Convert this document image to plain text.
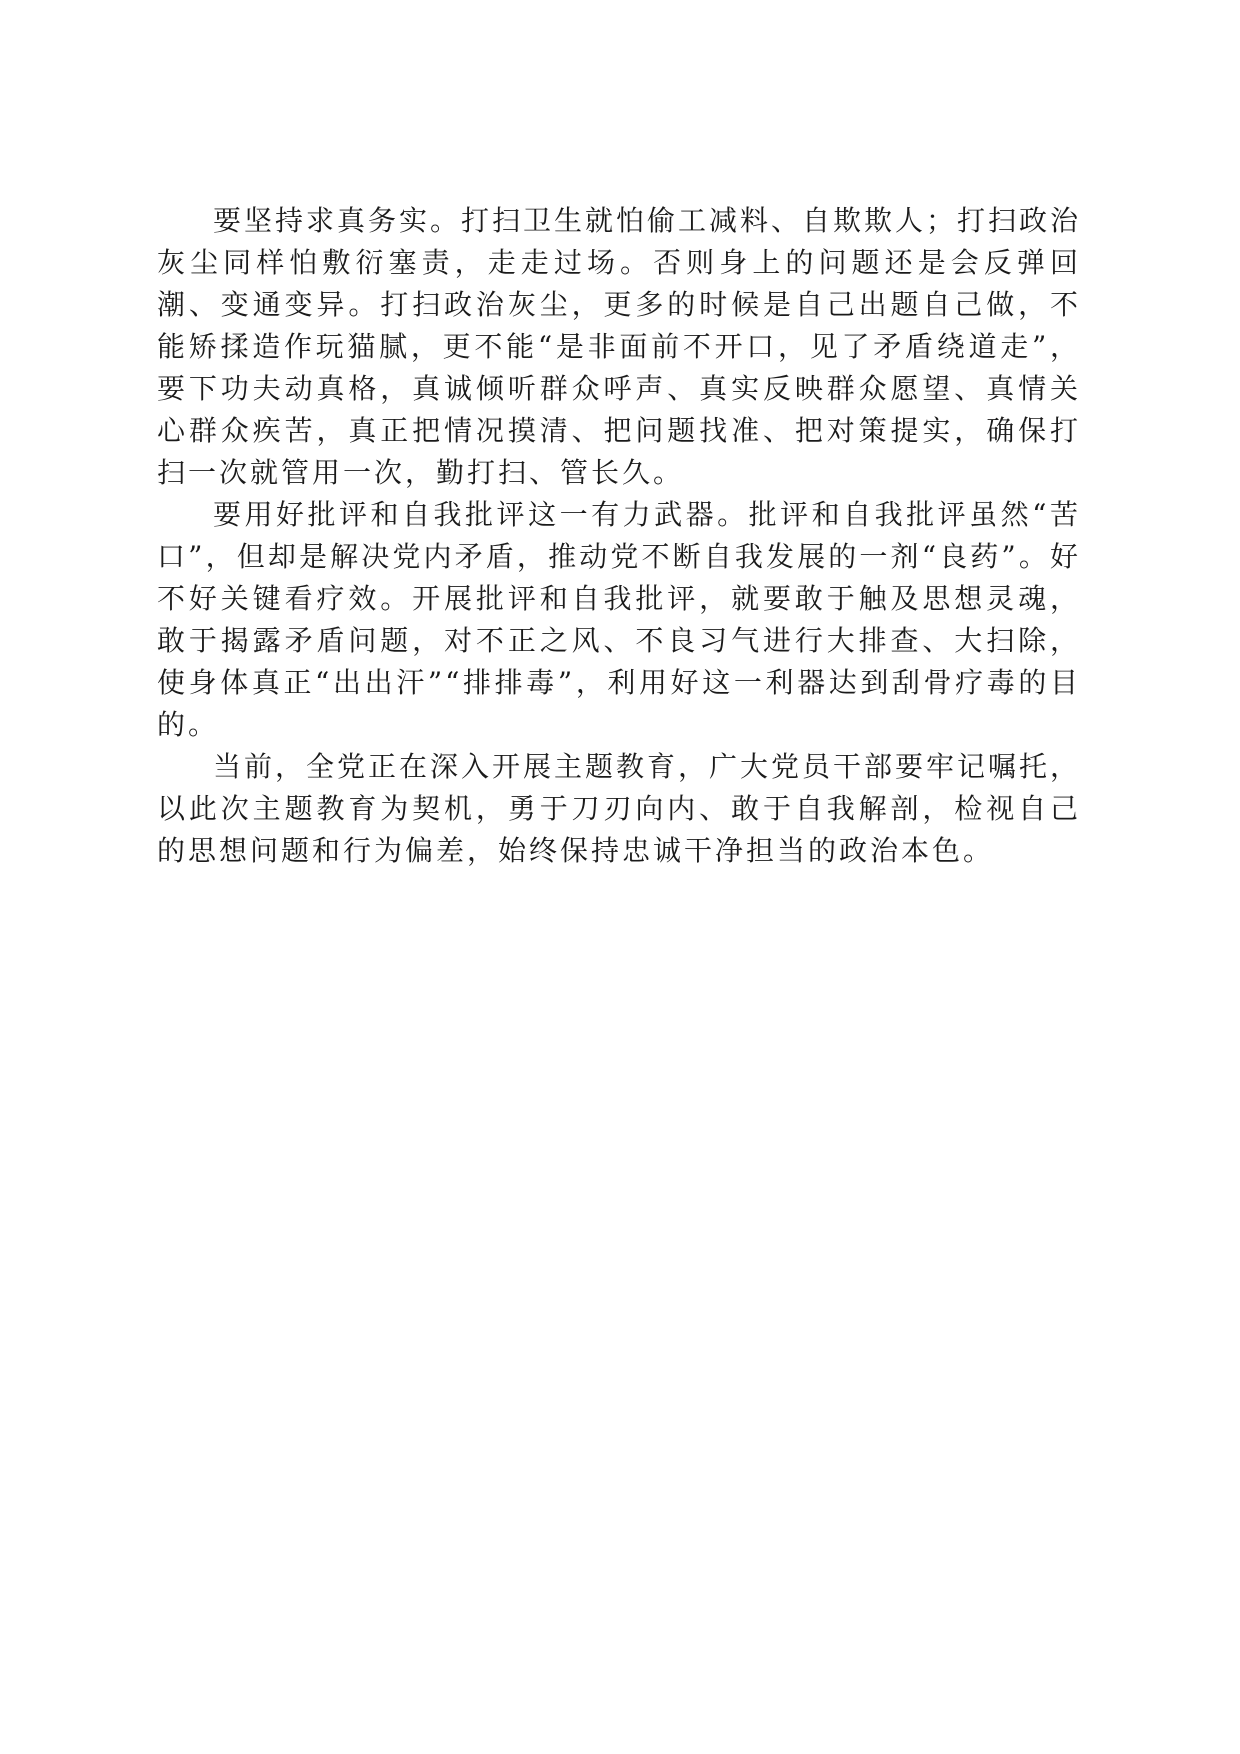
要坚持求真务实。打扫卫生就怕偷工减料、自欺欺人；打扫政治灰尘同样怕敷衍塞责，走走过场。否则身上的问题还是会反弹回潮、变通变异。打扫政治灰尘，更多的时候是自己出题自己做，不能矫揉造作玩猫腻，更不能“是非面前不开口，见了矛盾绕道走”，要下功夫动真格，真诚倾听群众呼声、真实反映群众愿望、真情关心群众疾苦，真正把情况摸清、把问题找准、把对策提实，确保打扫一次就管用一次，勤打扫、管长久。

要用好批评和自我批评这一有力武器。批评和自我批评虽然“苦口”，但却是解决党内矛盾，推动党不断自我发展的一剂“良药”。好不好关键看疗效。开展批评和自我批评，就要敢于触及思想灵魂，敢于揭露矛盾问题，对不正之风、不良习气进行大排查、大扫除，使身体真正“出出汗”“排排毒”，利用好这一利器达到刮骨疗毒的目的。

当前，全党正在深入开展主题教育，广大党员干部要牢记嘱托，以此次主题教育为契机，勇于刀刃向内、敢于自我解剖，检视自己的思想问题和行为偏差，始终保持忠诚干净担当的政治本色。
